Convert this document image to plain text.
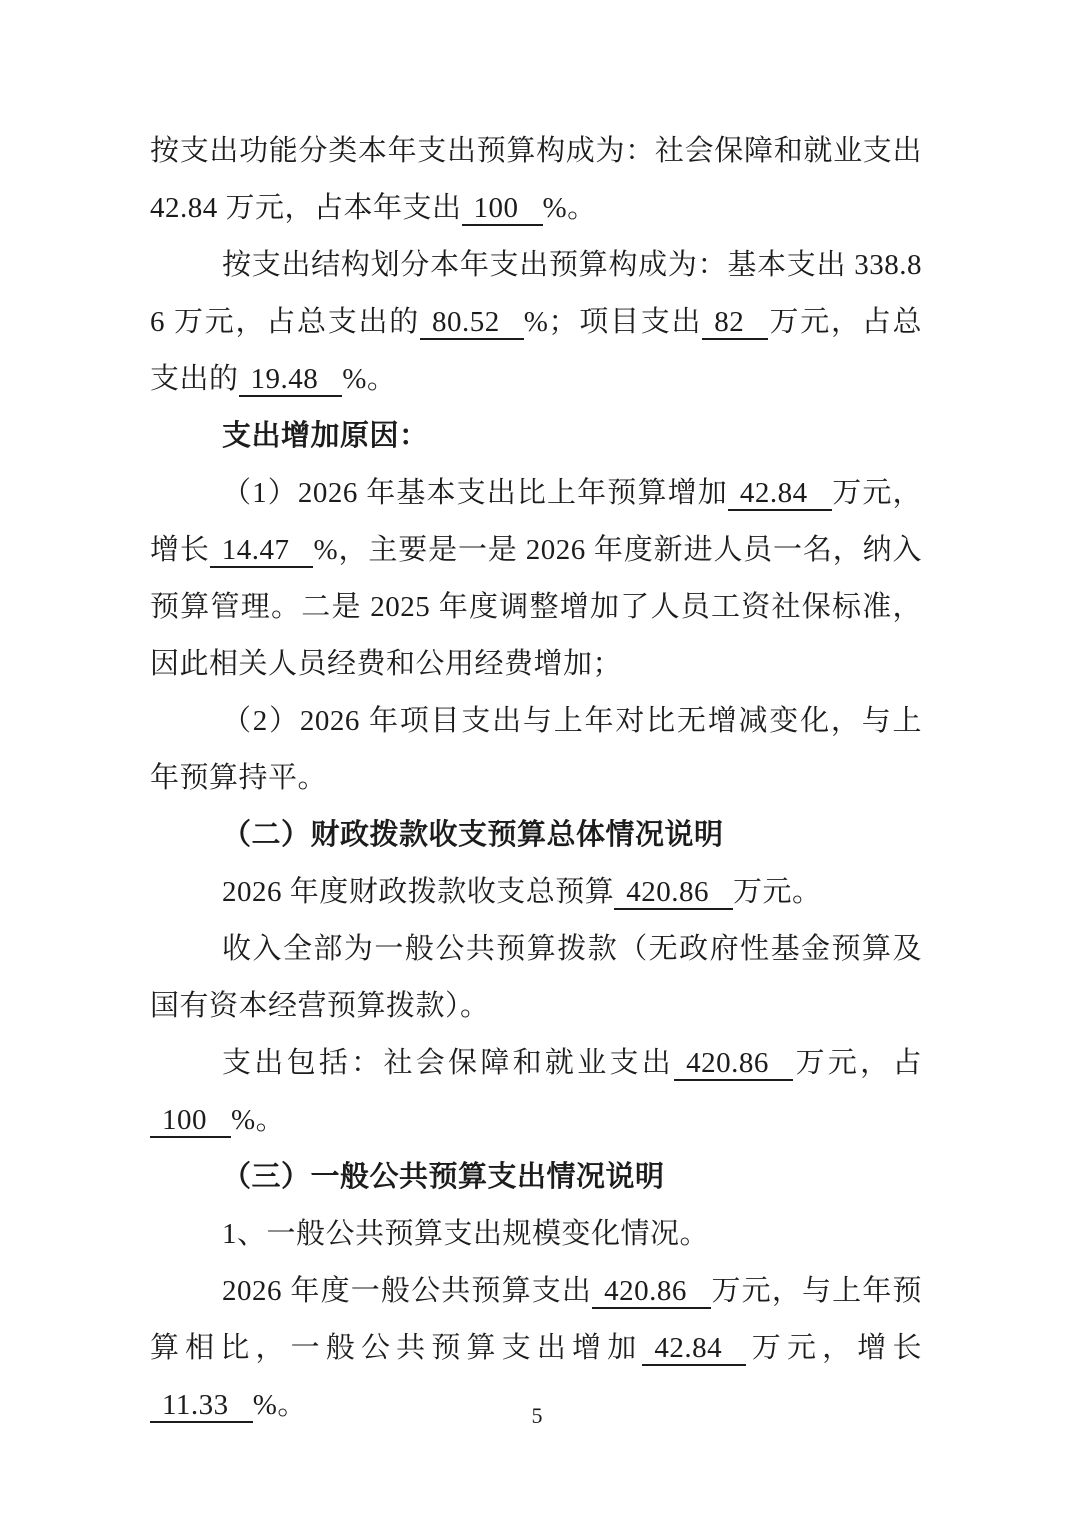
按支出功能分类本年支出预算构成为：社会保障和就业支出 42.84 万元，占本年支出 100 %。

按支出结构划分本年支出预算构成为：基本支出 338.86 万元，占总支出的 80.52 %；项目支出 82 万元，占总支出的 19.48 %。

支出增加原因：

（1）2026 年基本支出比上年预算增加 42.84 万元，增长 14.47 %，主要是一是 2026 年度新进人员一名，纳入预算管理。二是 2025 年度调整增加了人员工资社保标准，因此相关人员经费和公用经费增加；

（2）2026 年项目支出与上年对比无增减变化，与上年预算持平。

（二）财政拨款收支预算总体情况说明

2026 年度财政拨款收支总预算 420.86 万元。

收入全部为一般公共预算拨款（无政府性基金预算及国有资本经营预算拨款）。

支出包括：社会保障和就业支出 420.86 万元，占100 %。

（三）一般公共预算支出情况说明

1、一般公共预算支出规模变化情况。

2026 年度一般公共预算支出 420.86 万元，与上年预算相比，一般公共预算支出增加 42.84 万元，增长11.33 %。	5
